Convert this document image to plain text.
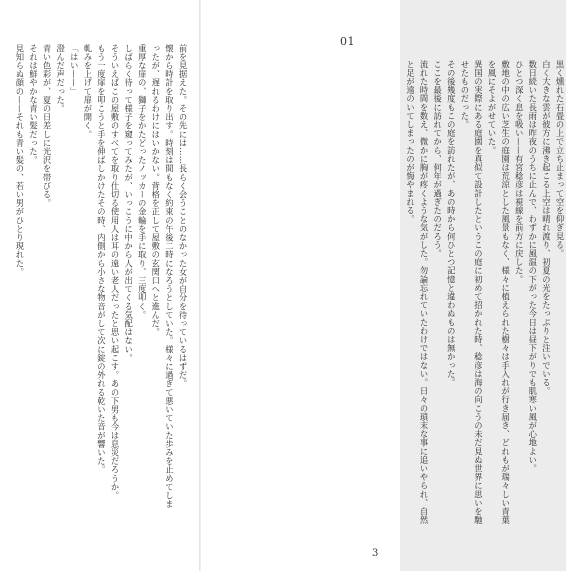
前を見据えた。その先には……長らく会うことのなかった女が自分を待っているはずだ。

懐から時計を取り出す。時刻は間もなく約束の午後二時になろうとしていた。様々に過ぎて悪いていた歩みを止めてしまったが、遅れるわけにはいかない。背格を正して屋敷の玄関口へと進んだ。

重厚な扉の、獅子をかたどったノッカーの金輪を手に取り、三度叩く。

しばらく待って様子を窺ってみたが、いっこうに中から人が出てくる気配はない。

そういえばこの屋敷のすべてを取り仕切る使用人は耳の遠い老人だったと思い起こす。あの下男も今は息災だろうか。

もう一度扉を叩こうと手を伸ばしかけたその時、内側から小さな物音がして次に錠の外れる乾いた音が響いた。

軋みを上げて扉が開く。

「はい——」

澄んだ声だった。

青い色彩が、夏の日差しに光沢を帯びる。

それは鮮やかな青い髪だった。

見知らぬ顔の——それも青い髪の、若い男がひとり現れた。	黒く燻れた石畳の上で立ち止まって空を仰ぎ見る。

白く大きな雲が彼方に沸き起こる上空は晴れ渡り、初夏の光をたっぷりと注いでいる。

数日続いた長雨は昨夜のうちに止んで、わずかに風温の下がった今日は昼下がりでも肌寒い風が心地よい。

ひとつ深く息を吸い——有宮稔彦は視線を前方に戻した。

敷地の中の広い芝生の庭園は荒涼とした風景もなく、様々に植えられた樹々は手入れが行き届き、どれもが瑞々しい青葉を風にそよがせていた。

異国の実際にある庭園を真似て設計したというこの庭に初めて招かれた時、稔彦は海の向こうの未だ見ぬ世界に思いを馳せたものだった。

その後幾度もこの庭を訪れたが、あの時から何ひとつ記憶と違わぬものは無かった。

ここを最後に訪れてから、何年が過ぎたのだろう。

流れた時間を数え、微かに胸が疼くような気がした。勿論忘れていたわけではない。日々の瑣末な事に追いやられ、自然と足が遠のいてしまったのが悔やまれる。

01
3
